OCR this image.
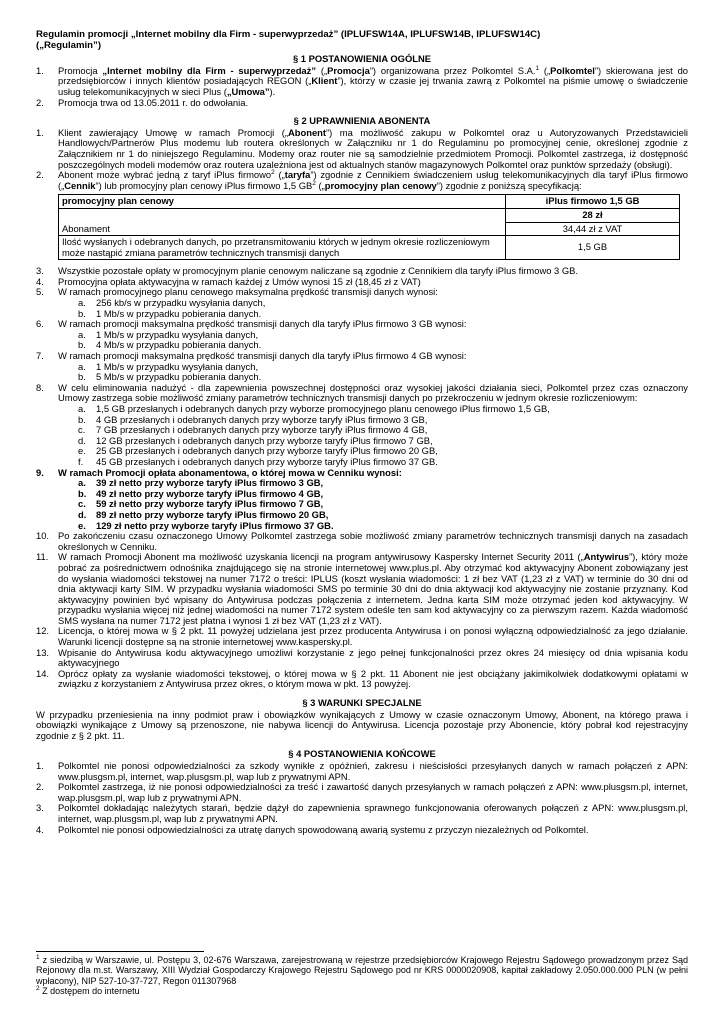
Regulamin promocji „Internet mobilny dla Firm - superwyprzedaż” (IPLUFSW14A, IPLUFSW14B, IPLUFSW14C)
(„Regulamin”)
§ 1 POSTANOWIENIA OGÓLNE
1.	Promocja „Internet mobilny dla Firm - superwyprzedaż” („Promocja”) organizowana przez Polkomtel S.A.$^1$ („Polkomtel”) skierowana jest do przedsiębiorców i innych klientów posiadających REGON („Klient”), którzy w czasie jej trwania zawrą z Polkomtel na piśmie umowę o świadczenie usług telekomunikacyjnych w sieci Plus („Umowa”).
2.	Promocja trwa od 13.05.2011 r. do odwołania.
§ 2 UPRAWNIENIA ABONENTA
1.	Klient zawierający Umowę w ramach Promocji („Abonent”) ma możliwość zakupu w Polkomtel oraz u Autoryzowanych Przedstawicieli Handlowych/Partnerów Plus modemu lub routera określonych w Załączniku nr 1 do Regulaminu po promocyjnej cenie, określonej zgodnie z Załącznikiem nr 1 do niniejszego Regulaminu. Modemy oraz router nie są samodzielnie przedmiotem Promocji. Polkomtel zastrzega, iż dostępność poszczególnych modeli modemów oraz routera uzależniona jest od aktualnych stanów magazynowych Polkomtel oraz punktów sprzedaży (obsługi).
2.	Abonent może wybrać jedną z taryf iPlus firmowo$^2$ („taryfa”) zgodnie z Cennikiem świadczeniem usług telekomunikacyjnych dla taryf iPlus firmowo („Cennik”) lub promocyjny plan cenowy iPlus firmowo 1,5 $GB^2$ („promocyjny plan cenowy”) zgodnie z poniższą specyfikacją:
promocyjny plan cenowy	iPlus firmowo 1,5 GB
Abonament	28 zł
	34,44 zł z VAT
Ilość wysłanych i odebranych danych, po przetransmitowaniu których w jednym okresie rozliczeniowym może nastąpić zmiana parametrów technicznych transmisji danych	1,5 GB
3.	Wszystkie pozostałe opłaty w promocyjnym planie cenowym naliczane są zgodnie z Cennikiem dla taryfy iPlus firmowo 3 GB.
4.	Promocyjna opłata aktywacyjna w ramach każdej z Umów wynosi 15 zł (18,45 zł z VAT)
5.	W ramach promocyjnego planu cenowego maksymalna prędkość transmisji danych wynosi:
a.	256 kb/s w przypadku wysyłania danych,
b.	1 Mb/s w przypadku pobierania danych.
6.	W ramach promocji maksymalna prędkość transmisji danych dla taryfy iPlus firmowo 3 GB wynosi:
a.	1 Mb/s w przypadku wysyłania danych,
b.	4 Mb/s w przypadku pobierania danych.
7.	W ramach promocji maksymalna prędkość transmisji danych dla taryfy iPlus firmowo 4 GB wynosi:
a.	1 Mb/s w przypadku wysyłania danych,
b.	5 Mb/s w przypadku pobierania danych.
8.	W celu eliminowania nadużyć - dla zapewnienia powszechnej dostępności oraz wysokiej jakości działania sieci, Polkomtel przez czas oznaczony Umowy zastrzega sobie możliwość zmiany parametrów technicznych transmisji danych po przekroczeniu w jednym okresie rozliczeniowym:
a.	1,5 GB przesłanych i odebranych danych przy wyborze promocyjnego planu cenowego iPlus firmowo 1,5 GB,
b.	4 GB przesłanych i odebranych danych przy wyborze taryfy iPlus firmowo 3 GB,
c.	7 GB przesłanych i odebranych danych przy wyborze taryfy iPlus firmowo 4 GB,
d.	12 GB przesłanych i odebranych danych przy wyborze taryfy iPlus firmowo 7 GB,
e.	25 GB przesłanych i odebranych danych przy wyborze taryfy iPlus firmowo 20 GB,
f.	45 GB przesłanych i odebranych danych przy wyborze taryfy iPlus firmowo 37 GB.
9.	W ramach Promocji opłata abonamentowa, o której mowa w Cenniku wynosi:
a.	39 zł netto przy wyborze taryfy iPlus firmowo 3 GB,
b.	49 zł netto przy wyborze taryfy iPlus firmowo 4 GB,
c.	59 zł netto przy wyborze taryfy iPlus firmowo 7 GB,
d.	89 zł netto przy wyborze taryfy iPlus firmowo 20 GB,
e.	129 zł netto przy wyborze taryfy iPlus firmowo 37 GB.
10. Po zakończeniu czasu oznaczonego Umowy Polkomtel zastrzega sobie możliwość zmiany parametrów technicznych transmisji danych na zasadach określonych w Cenniku.
11.	W ramach Promocji Abonent ma możliwość uzyskania licencji na program antywirusowy Kaspersky Internet Security 2011 („Antywirus”), który może pobrać za pośrednictwem odnośnika znajdującego się na stronie internetowej www.plus.pl. Aby otrzymać kod aktywacyjny Abonent zobowiązany jest do wysłania wiadomości tekstowej na numer 7172 o treści: IPLUS (koszt wysłania wiadomości: 1 zł bez VAT (1,23 zł z VAT) w terminie do 30 dni od dnia aktywacji karty SIM. W przypadku wysłania wiadomości SMS po terminie 30 dni do dnia aktywacji kod aktywacyjny nie zostanie przyznany. Kod aktywacyjny powinien być wpisany do Antywirusa podczas połączenia z internetem. Jedna karta SIM może otrzymać jeden kod aktywacyjny. W przypadku wysłania więcej niż jednej wiadomości na numer 7172 system odeśle ten sam kod aktywacyjny co za pierwszym razem. Każda wiadomość SMS wysłana na numer 7172 jest płatna i wynosi 1 zł bez VAT (1,23 zł z VAT).
12. Licencja, o której mowa w § 2 pkt. 11 powyżej udzielana jest przez producenta Antywirusa i on ponosi wyłączną odpowiedzialność za jego działanie. Warunki licencji dostępne są na stronie internetowej www.kaspersky.pl.
13. Wpisanie do Antywirusa kodu aktywacyjnego umożliwi korzystanie z jego pełnej funkcjonalności przez okres 24 miesięcy od dnia wpisania kodu aktywacyjnego
14. Oprócz opłaty za wysłanie wiadomości tekstowej, o której mowa w § 2 pkt. 11 Abonent nie jest obciążany jakimikolwiek dodatkowymi opłatami w związku z korzystaniem z Antywirusa przez okres, o którym mowa w pkt. 13 powyżej.
§ 3 WARUNKI SPECJALNE

W przypadku przeniesienia na inny podmiot praw i obowiązków wynikających z Umowy w czasie oznaczonym Umowy, Abonent, na którego prawa i obowiązki wynikające z Umowy są przenoszone, nie nabywa licencji do Antywirusa. Licencja pozostaje przy Abonencie, który pobrał kod rejestracyjny zgodnie z § 2 pkt. 11.

§ 4 POSTANOWIENIA KOŃCOWE
1.	Polkomtel nie ponosi odpowiedzialności za szkody wynikłe z opóźnień, zakresu i nieścisłości przesyłanych danych w ramach połączeń z APN: www.plusgsm.pl, internet, wap.plusgsm.pl, wap lub z prywatnymi APN.
2.	Polkomtel zastrzega, iż nie ponosi odpowiedzialności za treść i zawartość danych przesyłanych w ramach połączeń z APN: www.plusgsm.pl, internet, wap.plusgsm.pl, wap lub z prywatnymi APN.
3.	Polkomtel dokładając należytych starań, będzie dążył do zapewnienia sprawnego funkcjonowania oferowanych połączeń z APN: www.plusgsm.pl, internet, wap.plusgsm.pl, wap lub z prywatnymi APN.
4.	Polkomtel nie ponosi odpowiedzialności za utratę danych spowodowaną awarią systemu z przyczyn niezależnych od Polkomtel.
$^1$ z siedzibą w Warszawie, ul. Postępu 3, 02-676 Warszawa, zarejestrowaną w rejestrze przedsiębiorców Krajowego Rejestru Sądowego prowadzonym przez Sąd Rejonowy dla m.st. Warszawy, XIII Wydział Gospodarczy Krajowego Rejestru Sądowego pod nr KRS 0000020908, kapitał zakładowy 2.050.000.000 PLN (w pełni wpłacony), NIP 527-10-37-727, Regon 011307968
$^2$ Z dostępem do internetu
